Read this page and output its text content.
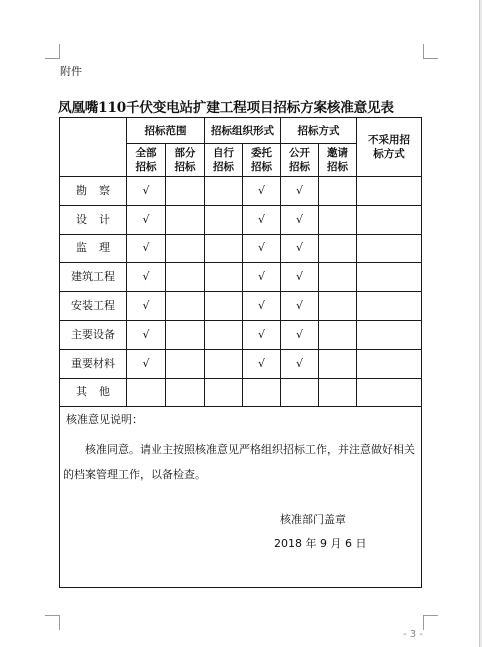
附件
凤凰嘴110千伏变电站扩建工程项目招标方案核准意见表
	招标范围		招标组织形式		招标方式		不采用招标方式

	全部招标	部分招标	自行招标	委托招标	公开招标	邀请招标	

勘察	√			√	√		
设计	√			√	√		
监理	√			√	√		
建筑工程	√			√	√		
安装工程	√			√	√		
主要设备	√			√	√		
重要材料	√			√	√		
其他							

核准意见说明：
核准同意。请业主按照核准意见严格组织招标工作，并注意做好相关的档案管理工作，以备检查。
核准部门盖章
2018 年 9 月 6 日							
- 3 -
